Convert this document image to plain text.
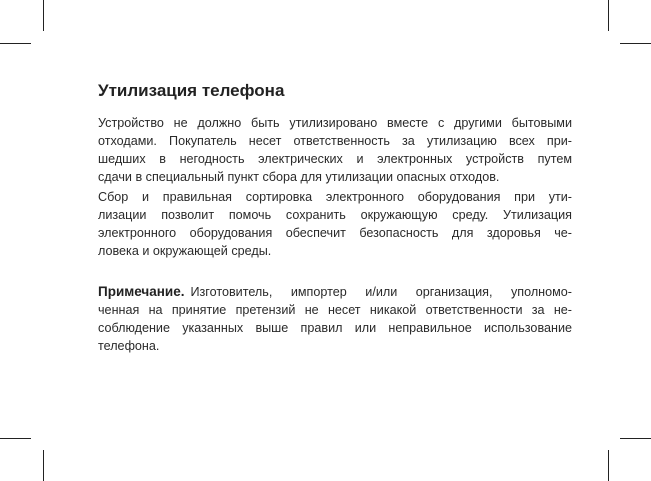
Утилизация телефона
Устройство не должно быть утилизировано вместе с другими бытовыми
отходами. Покупатель несет ответственность за утилизацию всех при-
шедших в негодность электрических и электронных устройств путем
сдачи в специальный пункт сбора для утилизации опасных отходов.
Сбор и правильная сортировка электронного оборудования при ути-
лизации позволит помочь сохранить окружающую среду. Утилизация
электронного оборудования обеспечит безопасность для здоровья че-
ловека и окружающей среды.
Примечание. Изготовитель, импортер и/или организация, уполномо-
ченная на принятие претензий не несет никакой ответственности за не-
соблюдение указанных выше правил или неправильное использование
телефона.
